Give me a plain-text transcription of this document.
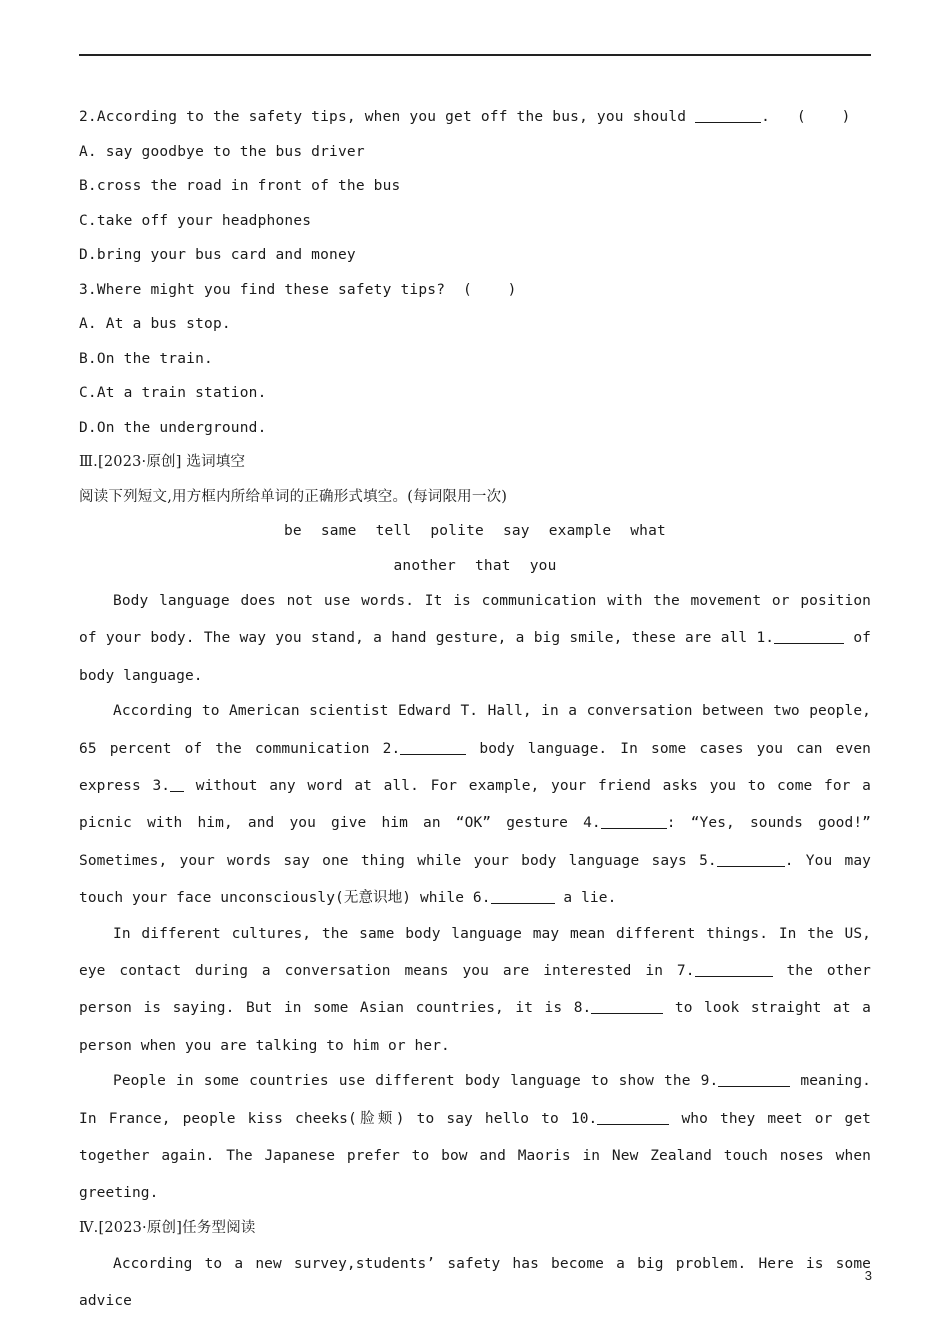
2.According to the safety tips, when you get off the bus, you should	. ( )
A. say goodbye to the bus driver
B.cross the road in front of the bus
C.take off your headphones
D.bring your bus card and money
3.Where might you find these safety tips? ( )
A. At a bus stop.
B.On the train.
C.At a train station.
D.On the underground.
Ⅲ.[2023·原创] 选词填空
阅读下列短文,用方框内所给单词的正确形式填空。(每词限用一次)
be same tell polite say example what
another that you

Body language does not use words. It is communication with the movement or position of your body. The way you stand, a hand gesture, a big smile, these are all 1.	of body language.

According to American scientist Edward T. Hall, in a conversation between two people, 65 percent of the communication 2.	body language. In some cases you can even express 3. without any word at all. For example, your friend asks you to come for a picnic with him, and you give him an “OK” gesture 4.	: “Yes, sounds good!” Sometimes, your words say one thing while your body language says 5.	. You may touch your face unconsciously(无意识地) while 6.	a lie.

In different cultures, the same body language may mean different things. In the US, eye contact during a conversation means you are interested in 7.	the other person is saying. But in some Asian countries, it is 8.	to look straight at a person when you are talking to him or her.

People in some countries use different body language to show the 9.	meaning. In France, people kiss cheeks(脸颊) to say hello to 10.	who they meet or get together again. The Japanese prefer to bow and Maoris in New Zealand touch noses when greeting.

Ⅳ.[2023·原创]任务型阅读

According to a new survey,students’ safety has become a big problem. Here is some advice

3
